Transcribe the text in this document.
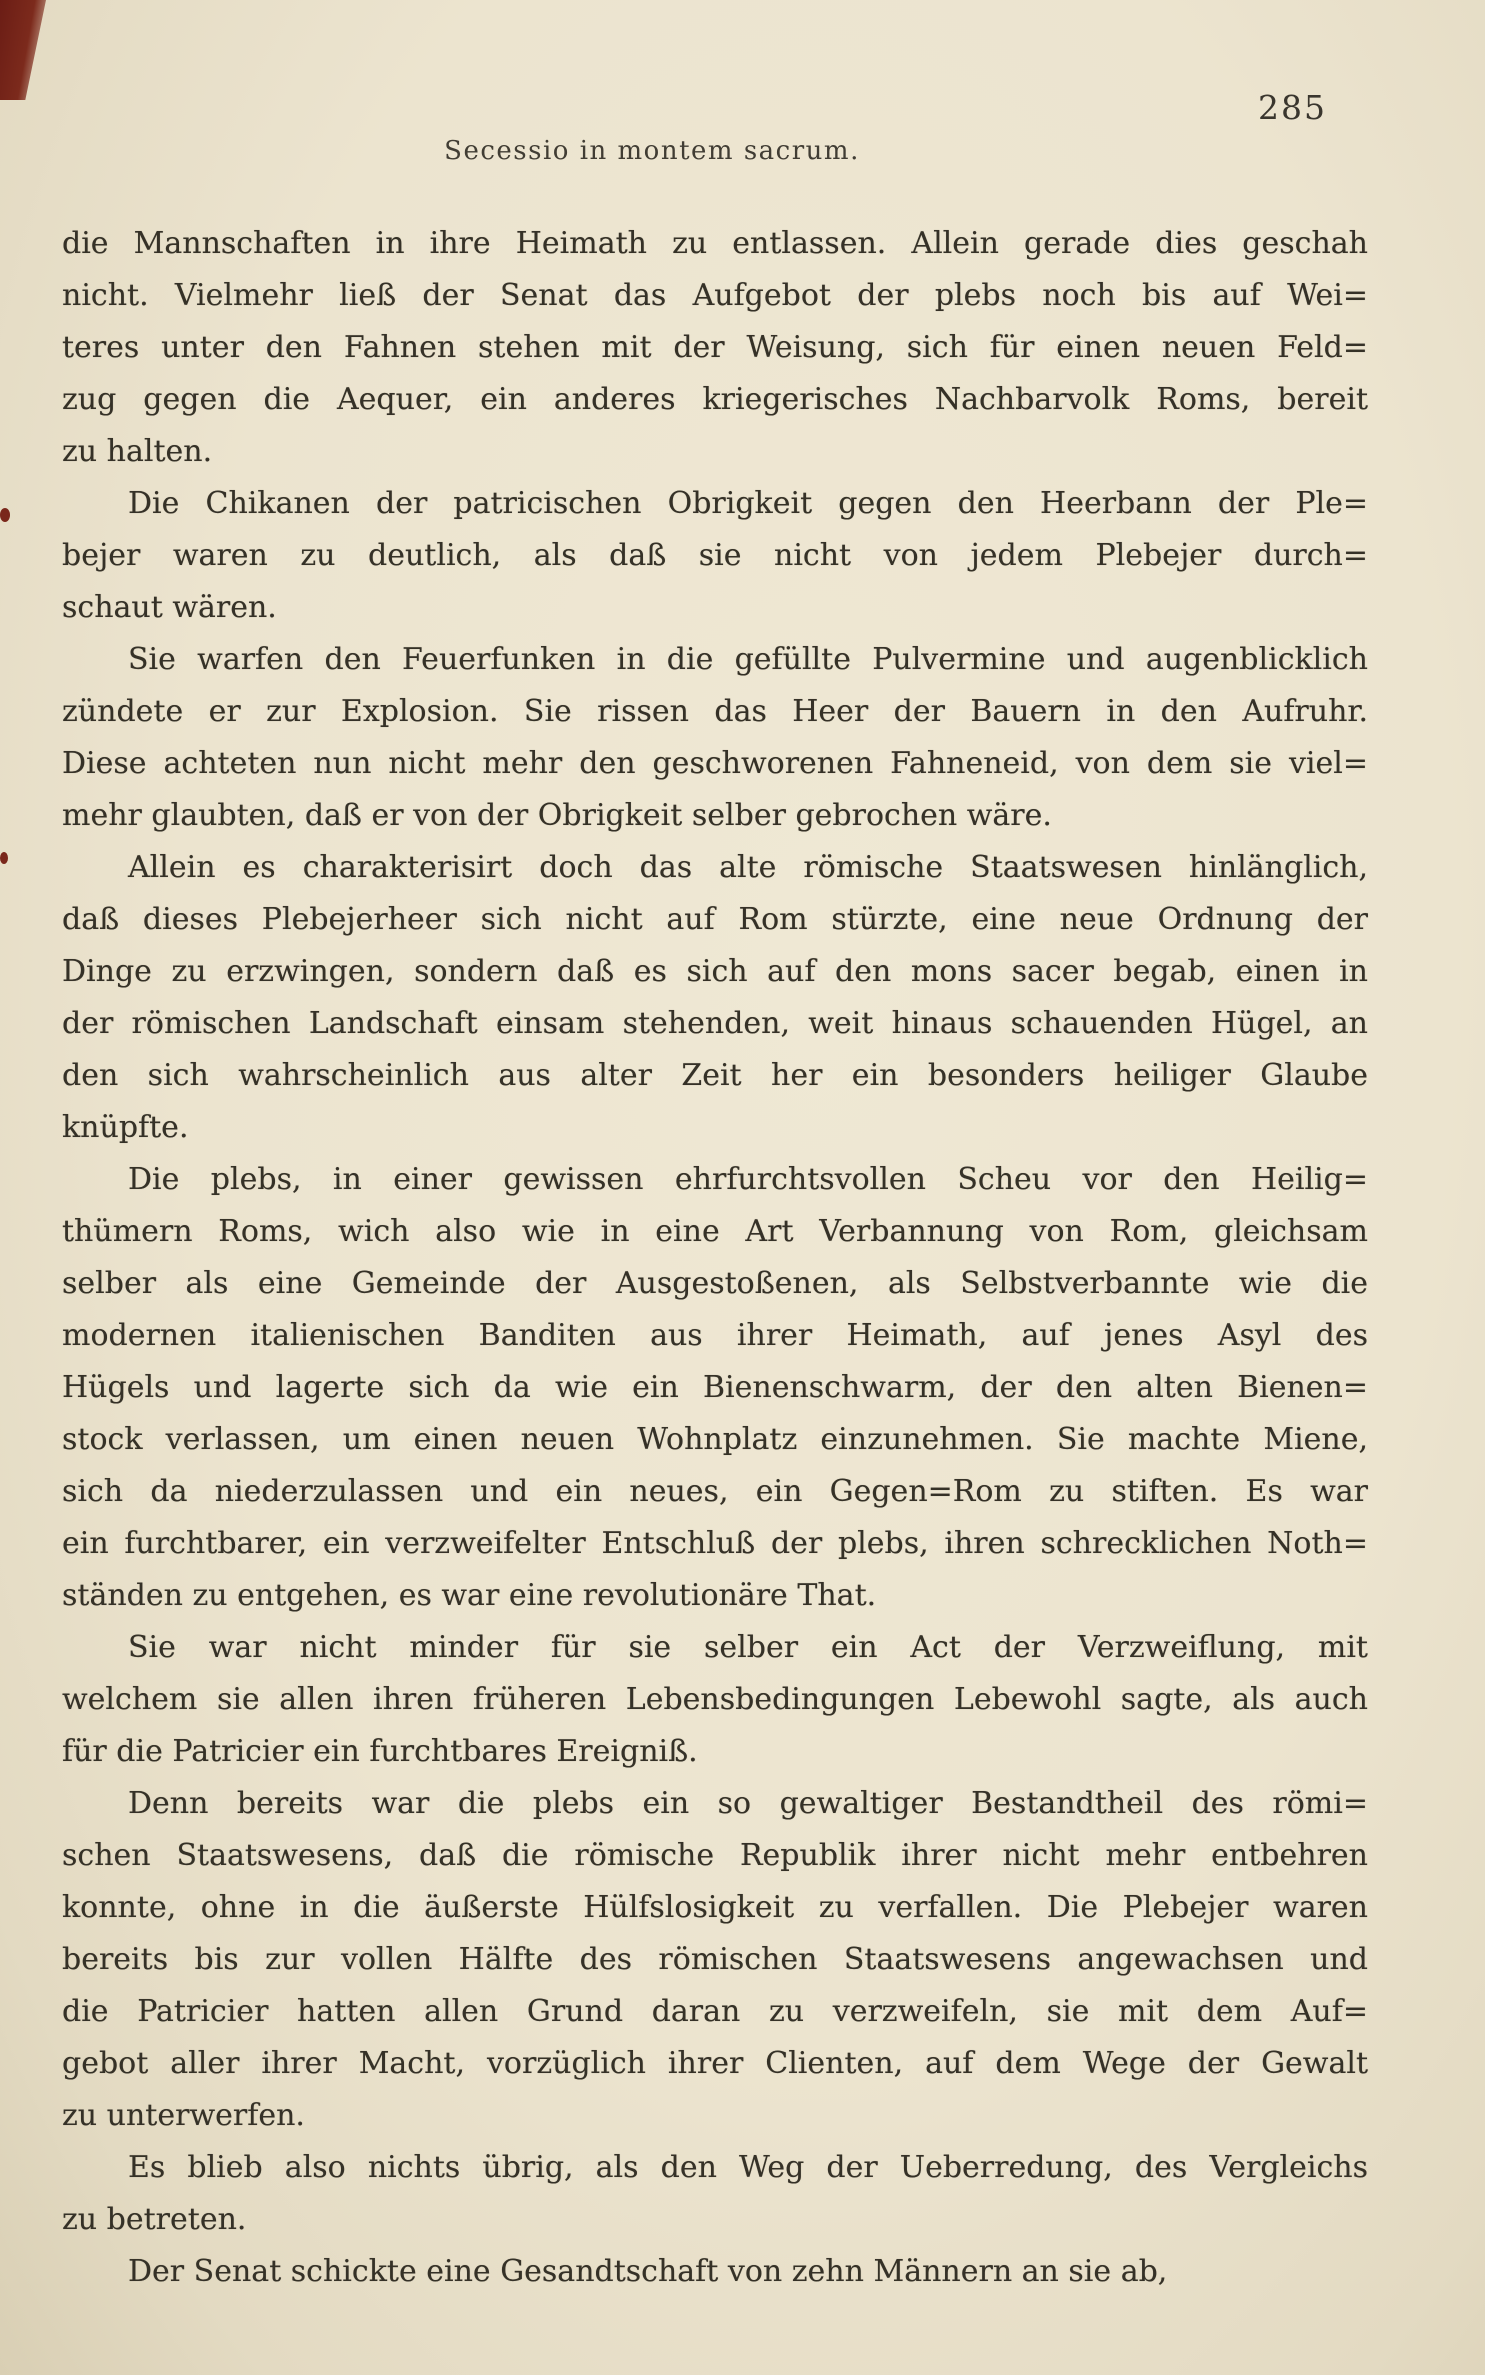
Secessio in montem sacrum.
285
die Mannschaften in ihre Heimath zu entlassen. Allein gerade dies geschah
nicht. Vielmehr ließ der Senat das Aufgebot der plebs noch bis auf Wei=
teres unter den Fahnen stehen mit der Weisung, sich für einen neuen Feld=
zug gegen die Aequer, ein anderes kriegerisches Nachbarvolk Roms, bereit
zu halten.
Die Chikanen der patricischen Obrigkeit gegen den Heerbann der Ple=
bejer waren zu deutlich, als daß sie nicht von jedem Plebejer durch=
schaut wären.
Sie warfen den Feuerfunken in die gefüllte Pulvermine und augenblicklich
zündete er zur Explosion. Sie rissen das Heer der Bauern in den Aufruhr.
Diese achteten nun nicht mehr den geschworenen Fahneneid, von dem sie viel=
mehr glaubten, daß er von der Obrigkeit selber gebrochen wäre.
Allein es charakterisirt doch das alte römische Staatswesen hinlänglich,
daß dieses Plebejerheer sich nicht auf Rom stürzte, eine neue Ordnung der
Dinge zu erzwingen, sondern daß es sich auf den mons sacer begab, einen in
der römischen Landschaft einsam stehenden, weit hinaus schauenden Hügel, an
den sich wahrscheinlich aus alter Zeit her ein besonders heiliger Glaube
knüpfte.
Die plebs, in einer gewissen ehrfurchtsvollen Scheu vor den Heilig=
thümern Roms, wich also wie in eine Art Verbannung von Rom, gleichsam
selber als eine Gemeinde der Ausgestoßenen, als Selbstverbannte wie die
modernen italienischen Banditen aus ihrer Heimath, auf jenes Asyl des
Hügels und lagerte sich da wie ein Bienenschwarm, der den alten Bienen=
stock verlassen, um einen neuen Wohnplatz einzunehmen. Sie machte Miene,
sich da niederzulassen und ein neues, ein Gegen=Rom zu stiften. Es war
ein furchtbarer, ein verzweifelter Entschluß der plebs, ihren schrecklichen Noth=
ständen zu entgehen, es war eine revolutionäre That.
Sie war nicht minder für sie selber ein Act der Verzweiflung, mit
welchem sie allen ihren früheren Lebensbedingungen Lebewohl sagte, als auch
für die Patricier ein furchtbares Ereigniß.
Denn bereits war die plebs ein so gewaltiger Bestandtheil des römi=
schen Staatswesens, daß die römische Republik ihrer nicht mehr entbehren
konnte, ohne in die äußerste Hülfslosigkeit zu verfallen. Die Plebejer waren
bereits bis zur vollen Hälfte des römischen Staatswesens angewachsen und
die Patricier hatten allen Grund daran zu verzweifeln, sie mit dem Auf=
gebot aller ihrer Macht, vorzüglich ihrer Clienten, auf dem Wege der Gewalt
zu unterwerfen.
Es blieb also nichts übrig, als den Weg der Ueberredung, des Vergleichs
zu betreten.
Der Senat schickte eine Gesandtschaft von zehn Männern an sie ab,
